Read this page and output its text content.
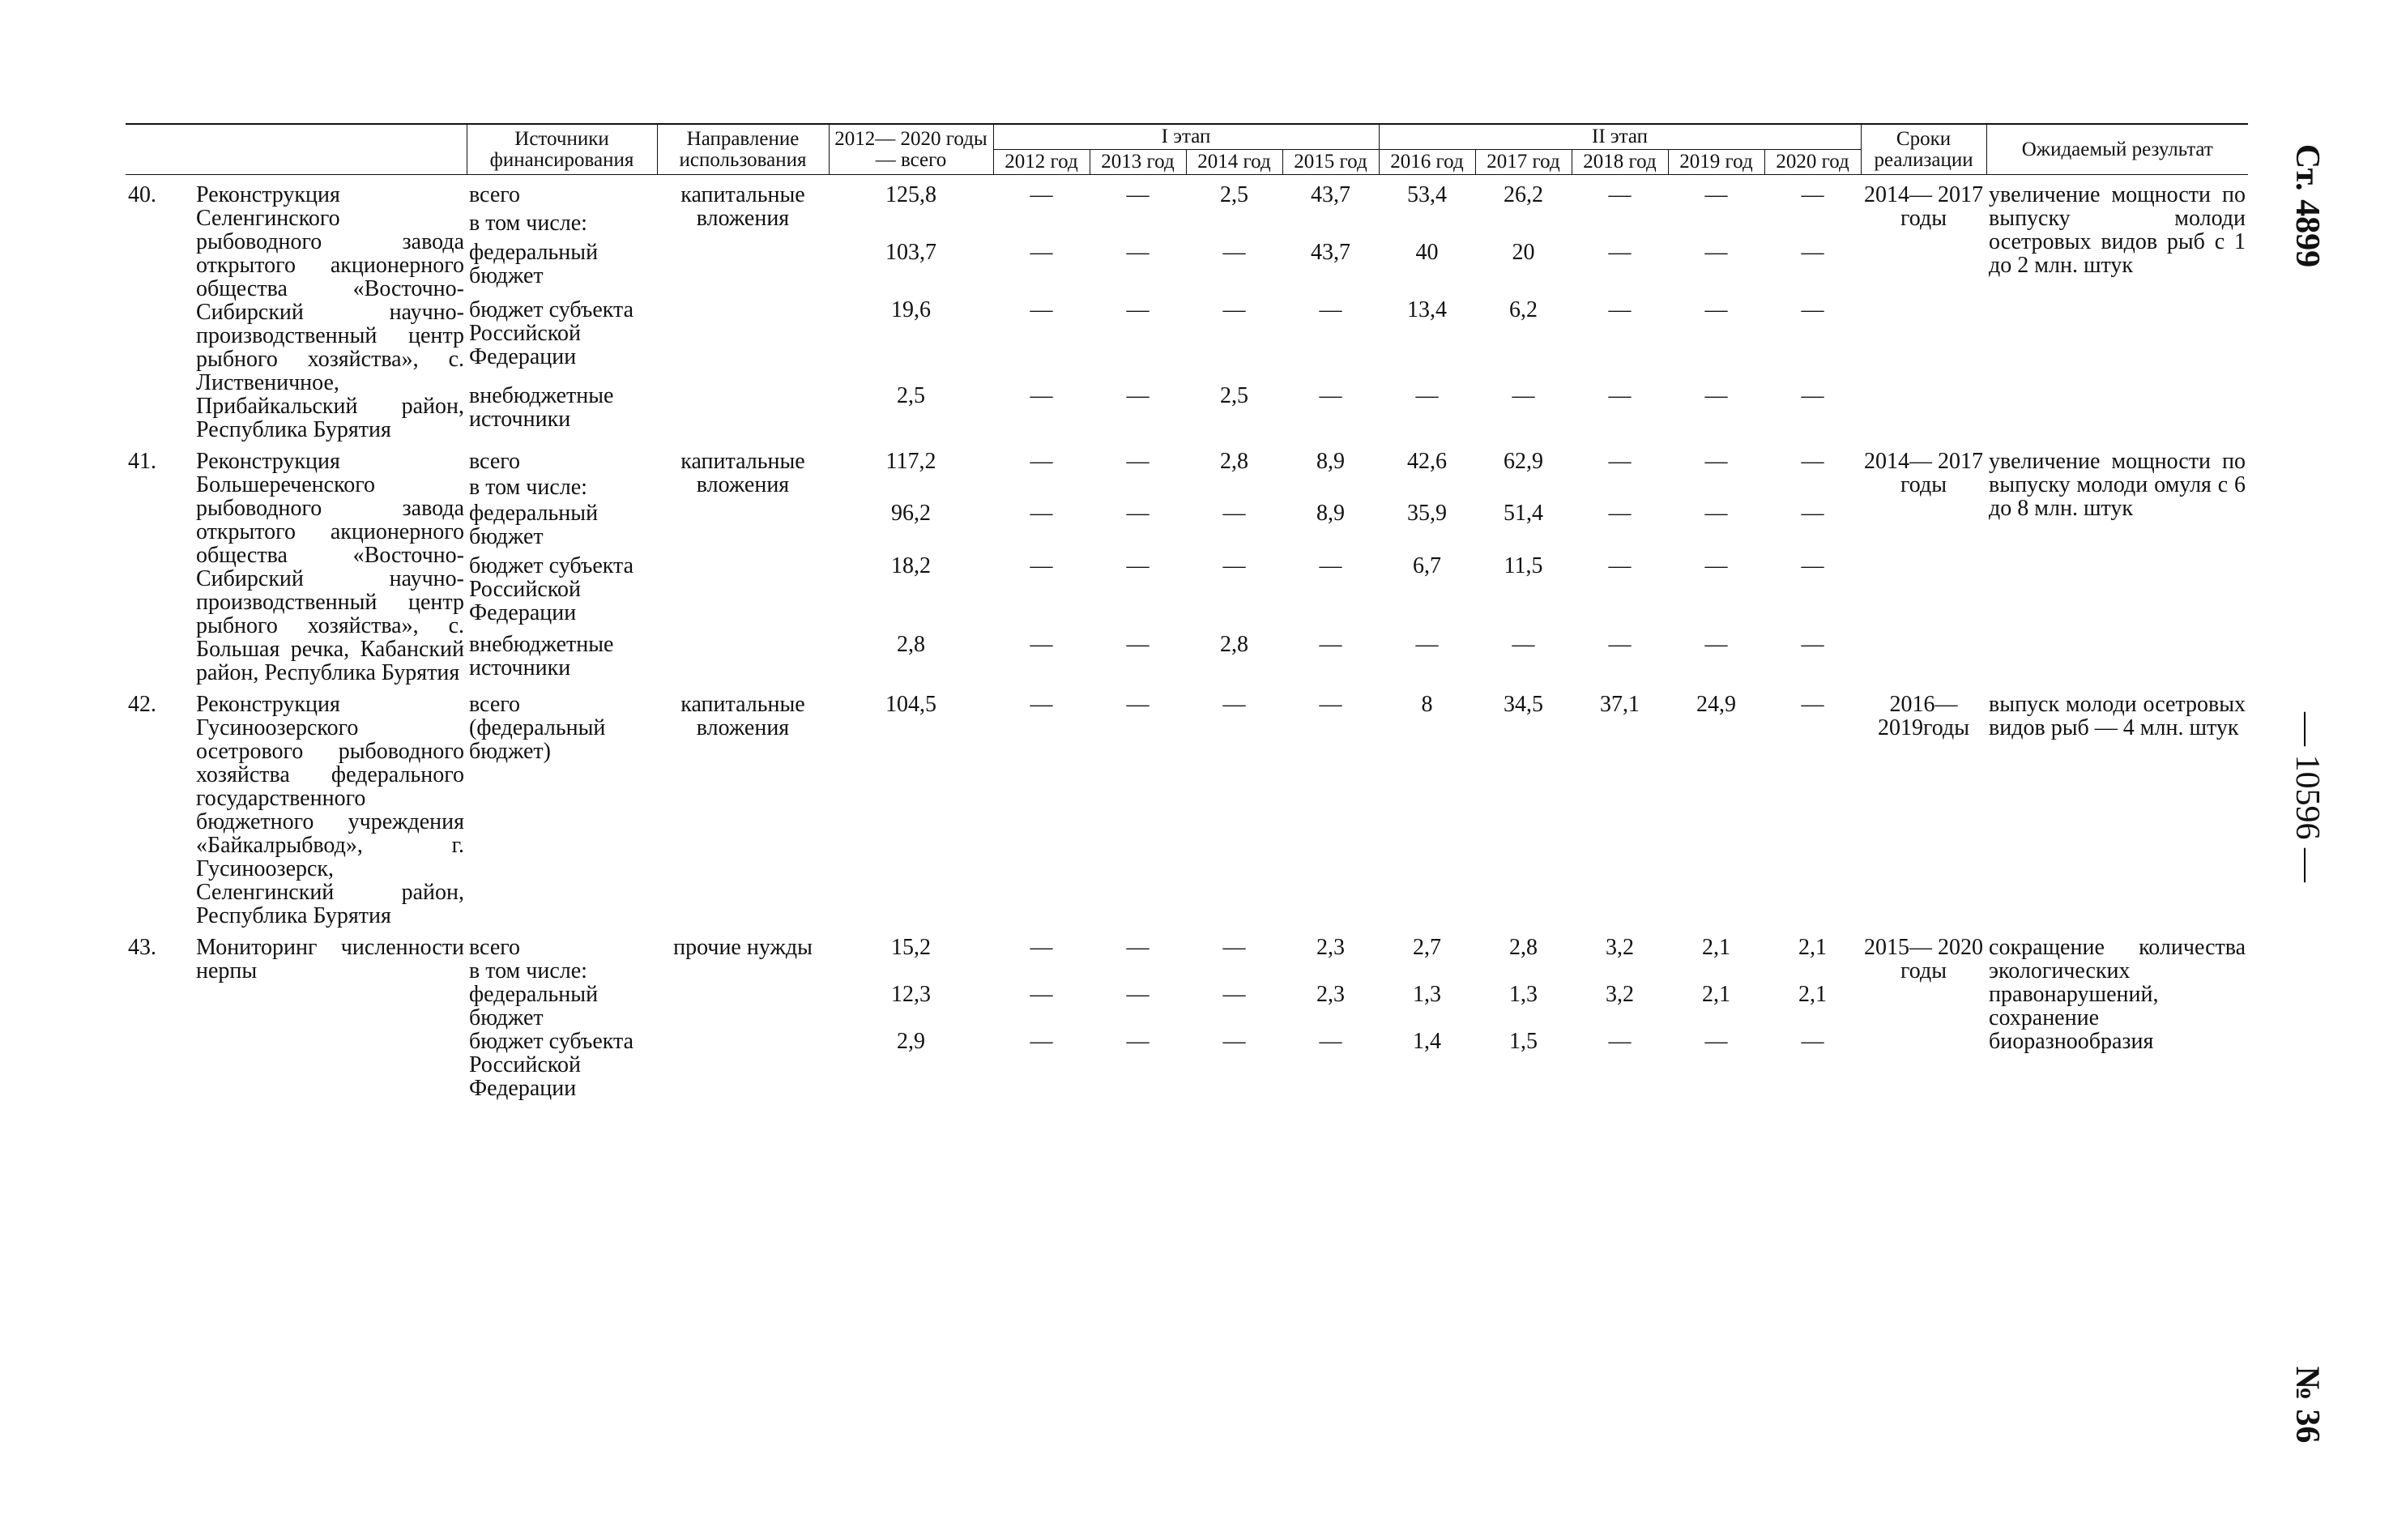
		Источники финансирования	Направление использования	2012— 2020 годы — всего	I этап				II этап					Сроки реализации	Ожидаемый результат
					2012 год	2013 год	2014 год	2015 год	2016 год	2017 год	2018 год	2019 год	2020 год		

40.	Реконструкция Селенгинского рыбоводного завода открытого акционерного общества «Восточно-Сибирский научно-производственный центр рыбного хозяйства», с. Лиственичное, Прибайкальский район, Республика Бурятия	всего	капитальные вложения	125,8	—	—	2,5	43,7	53,4	26,2	—	—	—	2014— 2017 годы	увеличение мощности по выпуску молоди осетровых видов рыб с 1 до 2 млн. штук
		в том числе:													
		федеральный бюджет		103,7	—	—	—	43,7	40	20	—	—	—		
		бюджет субъекта Российской Федерации		19,6	—	—	—	—	13,4	6,2	—	—	—		
		внебюджетные источники		2,5	—	—	2,5	—	—	—	—	—	—		

41.	Реконструкция Большереченского рыбоводного завода открытого акционерного общества «Восточно-Сибирский научно-производственный центр рыбного хозяйства», с. Большая речка, Кабанский район, Республика Бурятия	всего	капитальные вложения	117,2	—	—	2,8	8,9	42,6	62,9	—	—	—	2014— 2017 годы	увеличение мощности по выпуску молоди омуля с 6 до 8 млн. штук
		в том числе:													
		федеральный бюджет		96,2	—	—	—	8,9	35,9	51,4	—	—	—		
		бюджет субъекта Российской Федерации		18,2	—	—	—	—	6,7	11,5	—	—	—		
		внебюджетные источники		2,8	—	—	2,8	—	—	—	—	—	—		

42.	Реконструкция Гусиноозерского осетрового рыбоводного хозяйства федерального государственного бюджетного учреждения «Байкалрыбвод», г. Гусиноозерск, Селенгинский район, Республика Бурятия	всего (федеральный бюджет)	капитальные вложения	104,5	—	—	—	—	8	34,5	37,1	24,9	—	2016— 2019годы	выпуск молоди осетровых видов рыб — 4 млн. штук

43.	Мониторинг численности нерпы	всего	прочие нужды	15,2	—	—	—	2,3	2,7	2,8	3,2	2,1	2,1	2015— 2020 годы	сокращение количества экологических правонарушений, сохранение биоразнообразия
		в том числе:													
		федеральный бюджет		12,3	—	—	—	2,3	1,3	1,3	3,2	2,1	2,1		
		бюджет субъекта Российской Федерации		2,9	—	—	—	—	1,4	1,5	—	—	—		
Ст. 4899
— 10596 —
№ 36
